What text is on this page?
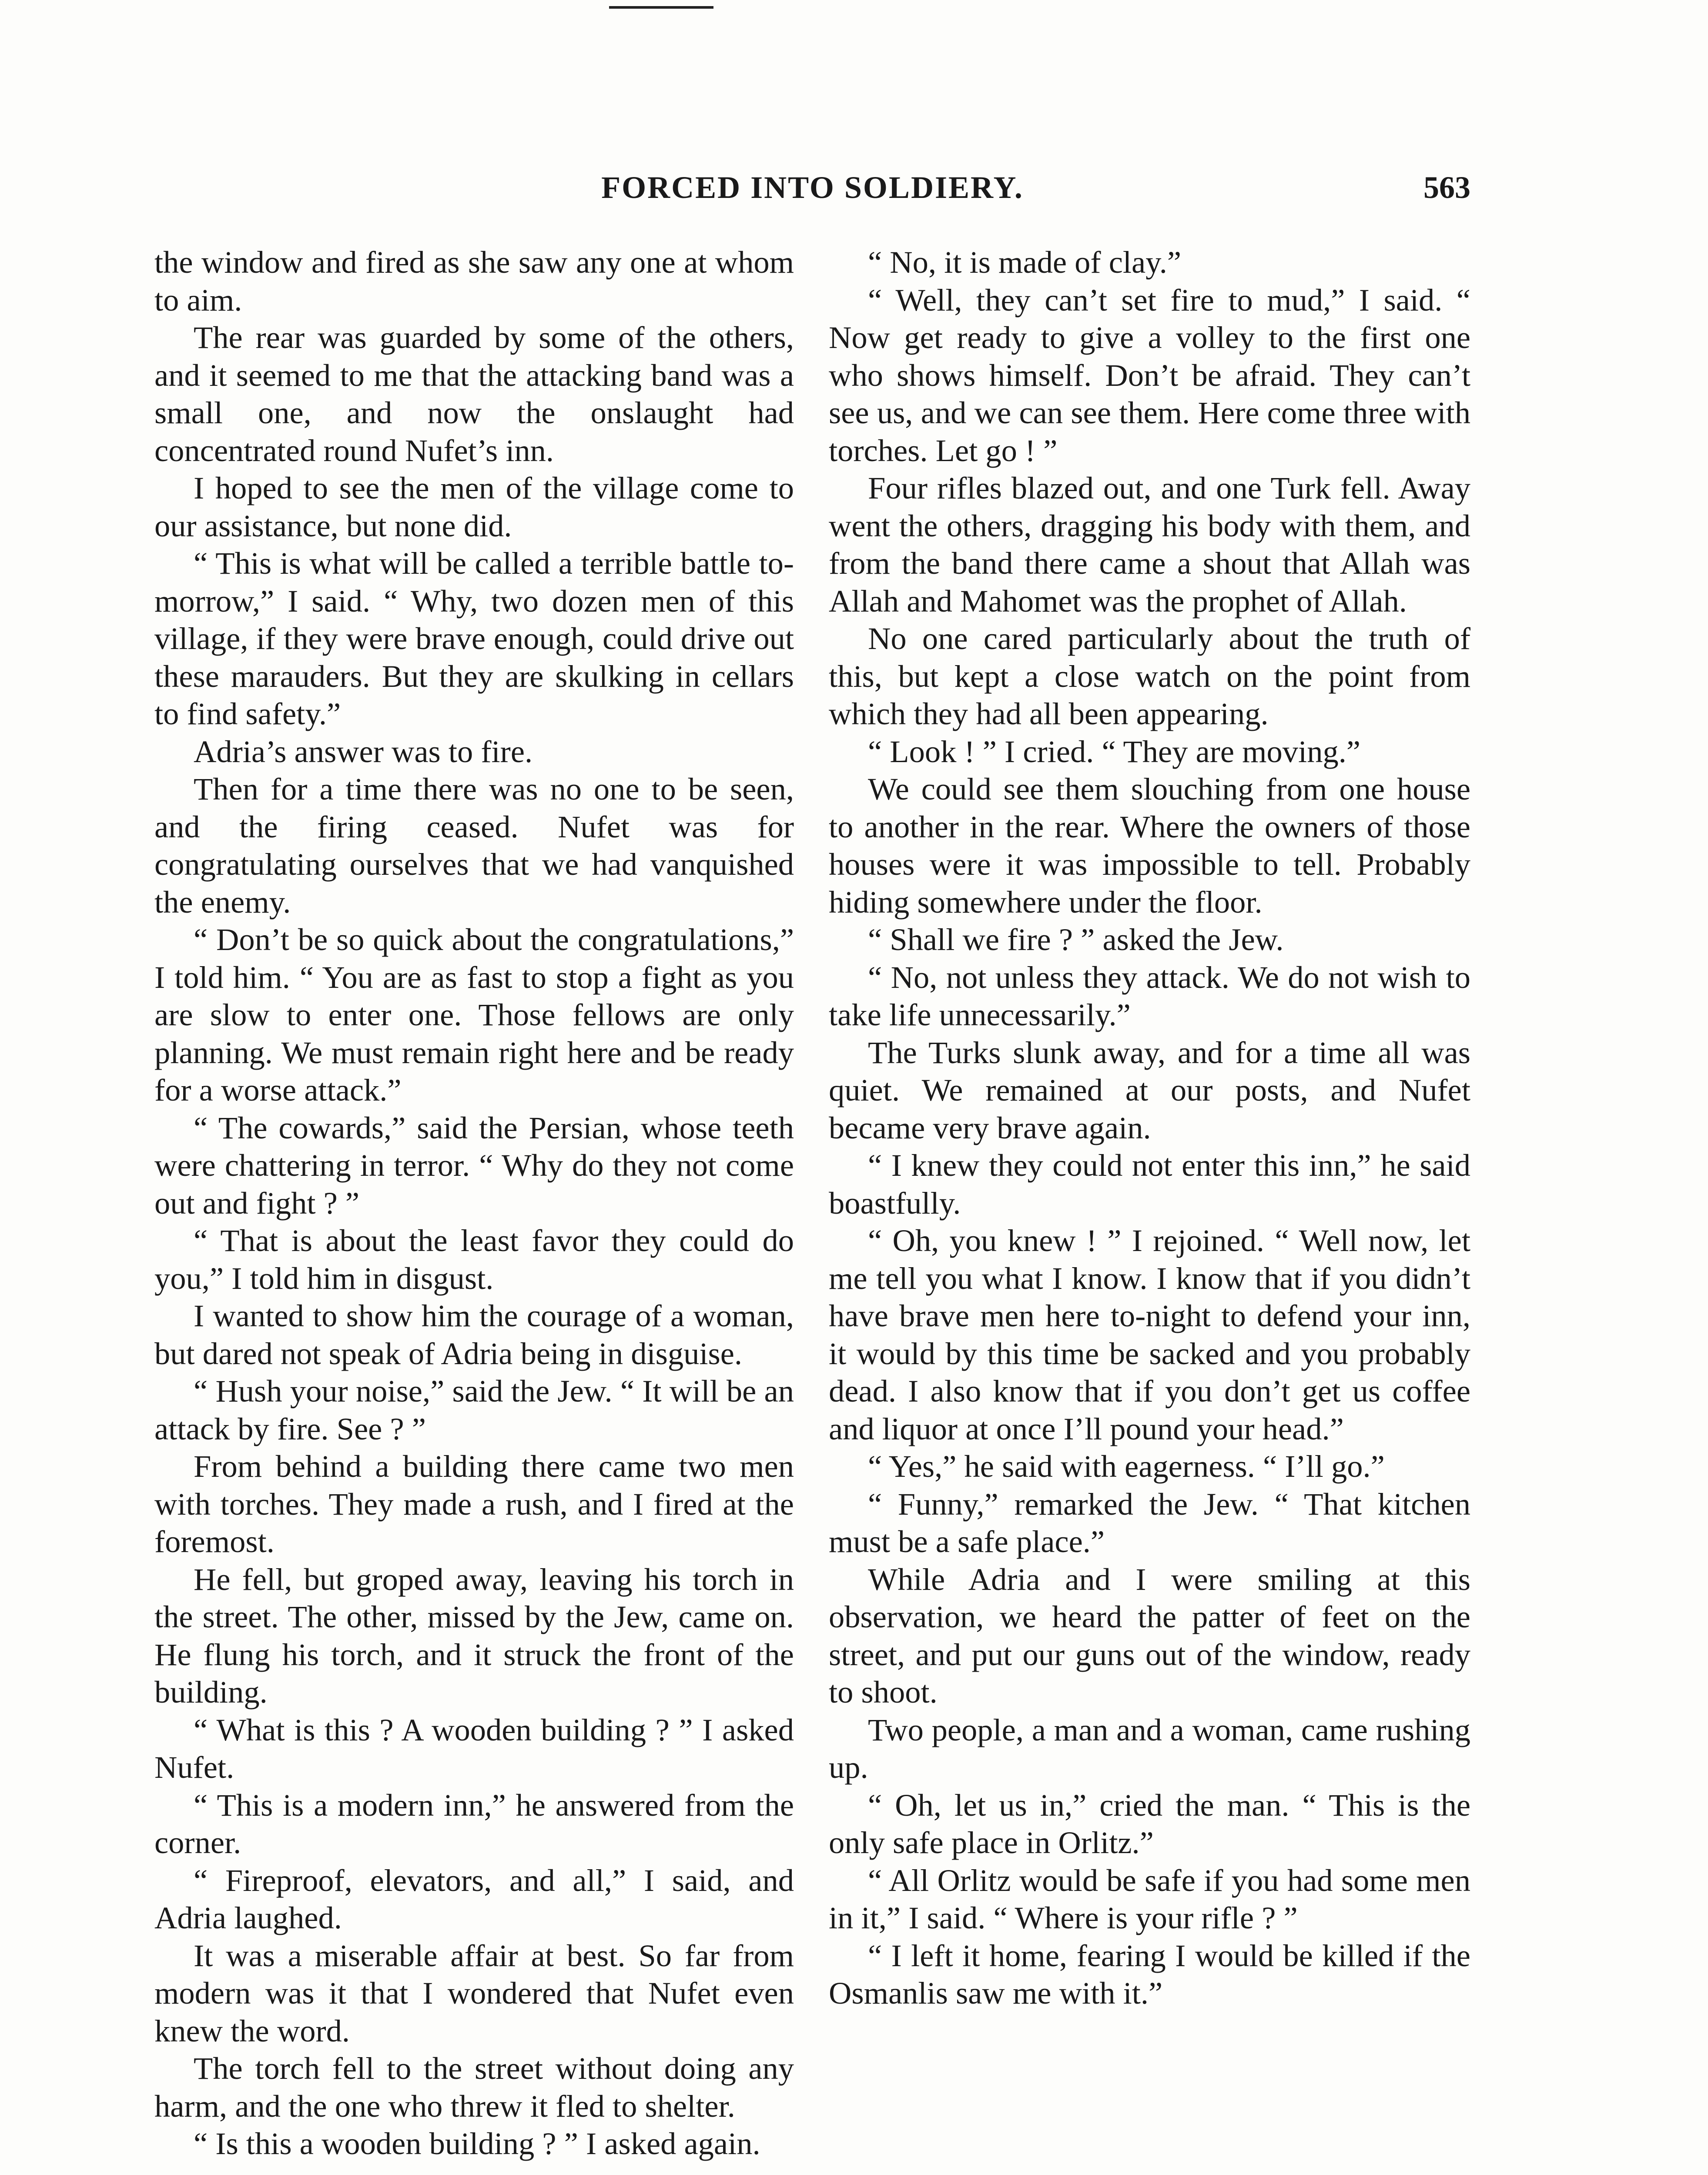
FORCED INTO SOLDIERY.	563

the window and fired as she saw any one at whom to aim.

The rear was guarded by some of the others, and it seemed to me that the attacking band was a small one, and now the onslaught had concentrated round Nufet’s inn.

I hoped to see the men of the village come to our assistance, but none did.

“ This is what will be called a terrible battle to-morrow,” I said. “ Why, two dozen men of this village, if they were brave enough, could drive out these marauders. But they are skulking in cellars to find safety.”

Adria’s answer was to fire.

Then for a time there was no one to be seen, and the firing ceased. Nufet was for congratulating ourselves that we had vanquished the enemy.

“ Don’t be so quick about the congratulations,” I told him. “ You are as fast to stop a fight as you are slow to enter one. Those fellows are only planning. We must remain right here and be ready for a worse attack.”

“ The cowards,” said the Persian, whose teeth were chattering in terror. “ Why do they not come out and fight ? ”

“ That is about the least favor they could do you,” I told him in disgust.

I wanted to show him the courage of a woman, but dared not speak of Adria being in disguise.

“ Hush your noise,” said the Jew. “ It will be an attack by fire. See ? ”

From behind a building there came two men with torches. They made a rush, and I fired at the foremost.

He fell, but groped away, leaving his torch in the street. The other, missed by the Jew, came on. He flung his torch, and it struck the front of the building.

“ What is this ? A wooden building ? ” I asked Nufet.

“ This is a modern inn,” he answered from the corner.

“ Fireproof, elevators, and all,” I said, and Adria laughed.

It was a miserable affair at best. So far from modern was it that I wondered that Nufet even knew the word.

The torch fell to the street without doing any harm, and the one who threw it fled to shelter.

“ Is this a wooden building ? ” I asked again.

“ No, it is made of clay.”

“ Well, they can’t set fire to mud,” I said. “ Now get ready to give a volley to the first one who shows himself. Don’t be afraid. They can’t see us, and we can see them. Here come three with torches. Let go ! ”

Four rifles blazed out, and one Turk fell. Away went the others, dragging his body with them, and from the band there came a shout that Allah was Allah and Mahomet was the prophet of Allah.

No one cared particularly about the truth of this, but kept a close watch on the point from which they had all been appearing.

“ Look ! ” I cried. “ They are moving.”

We could see them slouching from one house to another in the rear. Where the owners of those houses were it was impossible to tell. Probably hiding somewhere under the floor.

“ Shall we fire ? ” asked the Jew.

“ No, not unless they attack. We do not wish to take life unnecessarily.”

The Turks slunk away, and for a time all was quiet. We remained at our posts, and Nufet became very brave again.

“ I knew they could not enter this inn,” he said boastfully.

“ Oh, you knew ! ” I rejoined. “ Well now, let me tell you what I know. I know that if you didn’t have brave men here to-night to defend your inn, it would by this time be sacked and you probably dead. I also know that if you don’t get us coffee and liquor at once I’ll pound your head.”

“ Yes,” he said with eagerness. “ I’ll go.”

“ Funny,” remarked the Jew. “ That kitchen must be a safe place.”

While Adria and I were smiling at this observation, we heard the patter of feet on the street, and put our guns out of the window, ready to shoot.

Two people, a man and a woman, came rushing up.

“ Oh, let us in,” cried the man. “ This is the only safe place in Orlitz.”

“ All Orlitz would be safe if you had some men in it,” I said. “ Where is your rifle ? ”

“ I left it home, fearing I would be killed if the Osmanlis saw me with it.”
